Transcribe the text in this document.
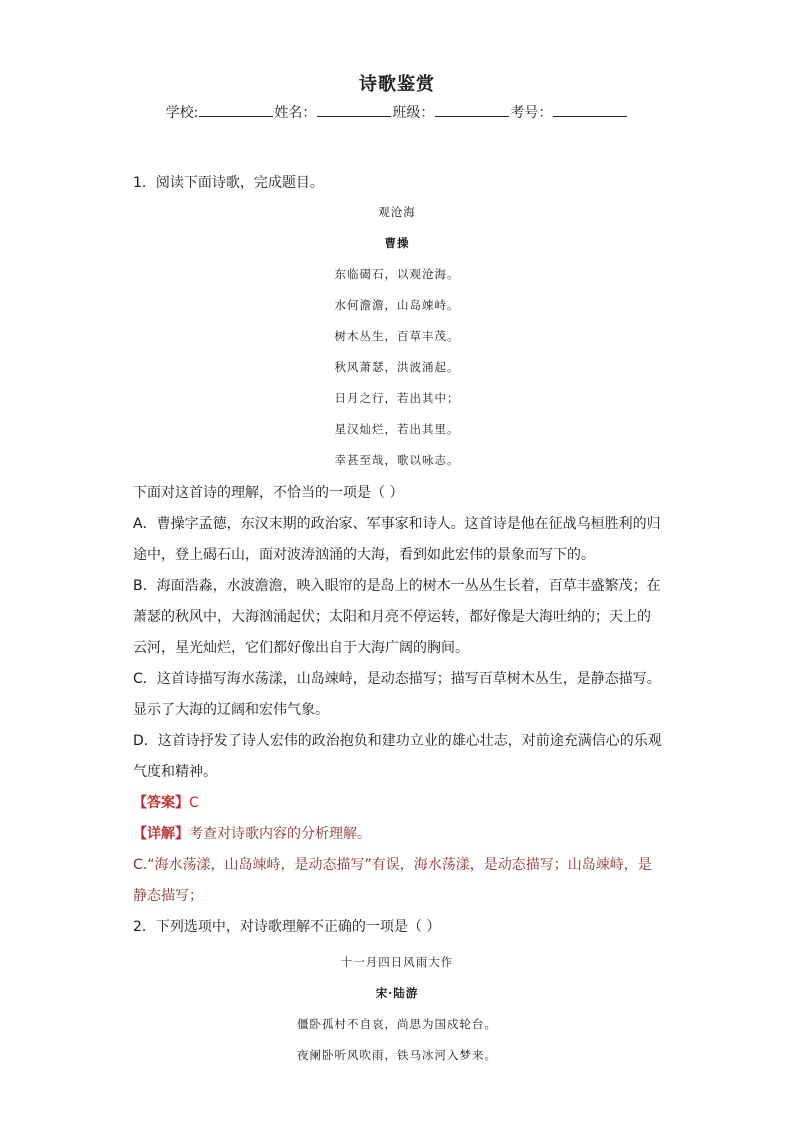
诗歌鉴赏
学校:	姓名：	班级：	考号：
1．阅读下面诗歌，完成题目。
观沧海
曹操
东临碣石，以观沧海。
水何澹澹，山岛竦峙。
树木丛生，百草丰茂。
秋风萧瑟，洪波涌起。
日月之行，若出其中；
星汉灿烂，若出其里。
幸甚至哉，歌以咏志。

下面对这首诗的理解，不恰当的一项是（ ）

A．曹操字孟德，东汉末期的政治家、军事家和诗人。这首诗是他在征战乌桓胜利的归途中，登上碣石山，面对波涛汹涌的大海，看到如此宏伟的景象而写下的。

B．海面浩淼，水波澹澹，映入眼帘的是岛上的树木一丛丛生长着，百草丰盛繁茂；在萧瑟的秋风中，大海汹涌起伏；太阳和月亮不停运转，都好像是大海吐纳的；天上的云河，星光灿烂，它们都好像出自于大海广阔的胸间。

C．这首诗描写海水荡漾，山岛竦峙，是动态描写；描写百草树木丛生，是静态描写。显示了大海的辽阔和宏伟气象。

D．这首诗抒发了诗人宏伟的政治抱负和建功立业的雄心壮志，对前途充满信心的乐观气度和精神。

【答案】C

【详解】考查对诗歌内容的分析理解。

C.“海水荡漾，山岛竦峙，是动态描写”有误，海水荡漾，是动态描写；山岛竦峙，是静态描写；

2．下列选项中，对诗歌理解不正确的一项是（ ）

十一月四日风雨大作
宋·陆游
僵卧孤村不自哀，尚思为国戍轮台。
夜阑卧听风吹雨，铁马冰河入梦来。
